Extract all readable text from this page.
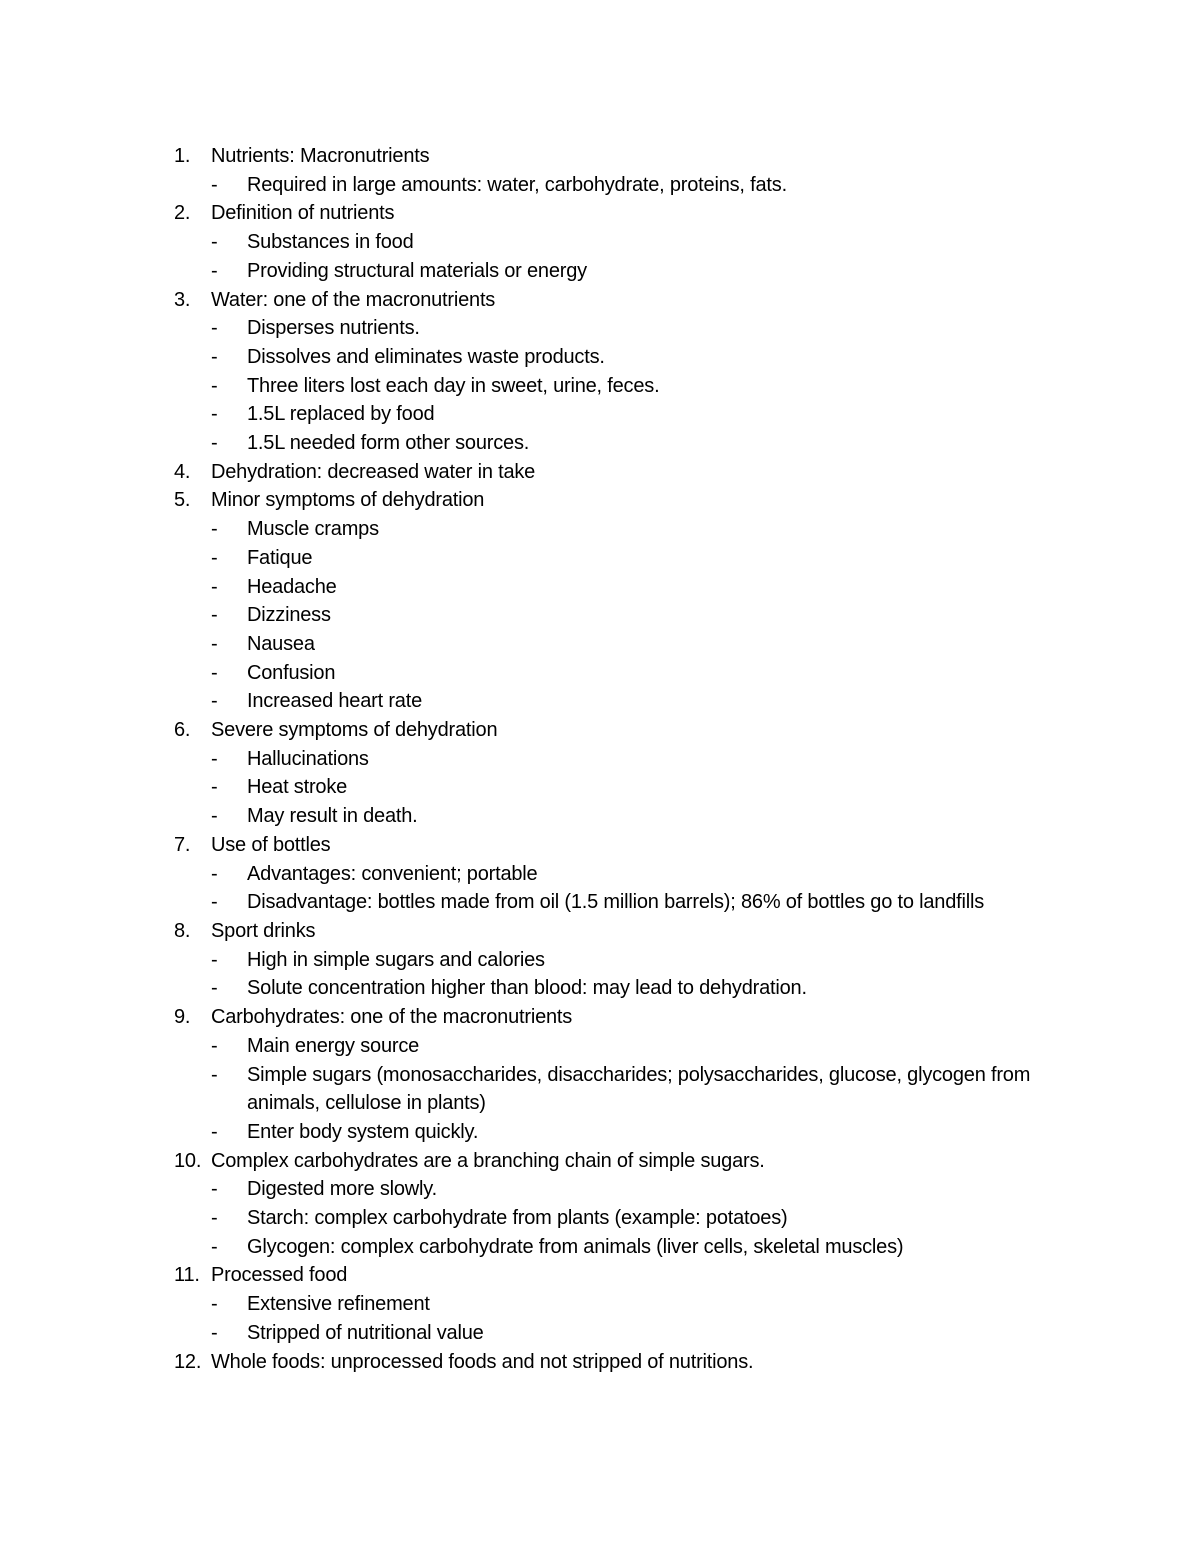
1.	Nutrients: Macronutrients
-	Required in large amounts: water, carbohydrate, proteins, fats.
2.	Definition of nutrients
-	Substances in food
-	Providing structural materials or energy
3.	Water: one of the macronutrients
-	Disperses nutrients.
-	Dissolves and eliminates waste products.
-	Three liters lost each day in sweet, urine, feces.
-	1.5L replaced by food
-	1.5L needed form other sources.
4.	Dehydration: decreased water in take
5.	Minor symptoms of dehydration
-	Muscle cramps
-	Fatique
-	Headache
-	Dizziness
-	Nausea
-	Confusion
-	Increased heart rate
6.	Severe symptoms of dehydration
-	Hallucinations
-	Heat stroke
-	May result in death.
7.	Use of bottles
-	Advantages: convenient; portable
-	Disadvantage: bottles made from oil (1.5 million barrels); 86% of bottles go to landfills
8.	Sport drinks
-	High in simple sugars and calories
-	Solute concentration higher than blood: may lead to dehydration.
9.	Carbohydrates: one of the macronutrients
-	Main energy source
-	Simple sugars (monosaccharides, disaccharides; polysaccharides, glucose, glycogen from animals, cellulose in plants)
-	Enter body system quickly.
10. Complex carbohydrates are a branching chain of simple sugars.
-	Digested more slowly.
-	Starch: complex carbohydrate from plants (example: potatoes)
-	Glycogen: complex carbohydrate from animals (liver cells, skeletal muscles)
11. Processed food
-	Extensive refinement
-	Stripped of nutritional value
12. Whole foods: unprocessed foods and not stripped of nutritions.
